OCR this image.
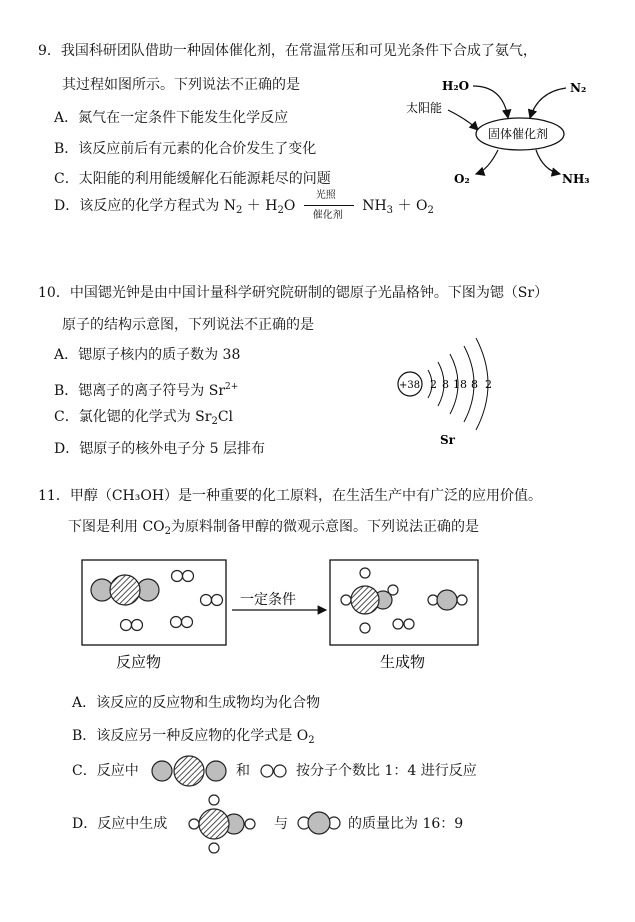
9．我国科研团队借助一种固体催化剂，在常温常压和可见光条件下合成了氨气，
其过程如图所示。下列说法不正确的是
A．氮气在一定条件下能发生化学反应
B．该反应前后有元素的化合价发生了变化
C．太阳能的利用能缓解化石能源耗尽的问题
D．该反应的化学方程式为 $N_2 + H_2O$
光照
催化剂
$NH_3 + O_2$
H₂O	N₂
太阳能
固体催化剂
O₂	NH₃
10．中国锶光钟是由中国计量科学研究院研制的锶原子光晶格钟。下图为锶（Sr）
原子的结构示意图，下列说法不正确的是
A．锶原子核内的质子数为 38
B．锶离子的离子符号为 $Sr^{2+}$
C．氯化锶的化学式为 $Sr_2Cl$
D．锶原子的核外电子分 5 层排布
+38 2 8 18 8 2
Sr
11．甲醇（CH₃OH）是一种重要的化工原料，在生活生产中有广泛的应用价值。
下图是利用 $CO_2$为原料制备甲醇的微观示意图。下列说法正确的是
一定条件
反应物	生成物
A．该反应的反应物和生成物均为化合物
B．该反应另一种反应物的化学式是 $O_2$
C．反应中	和	按分子个数比 1：4 进行反应
D．反应中生成	与	的质量比为 16：9
